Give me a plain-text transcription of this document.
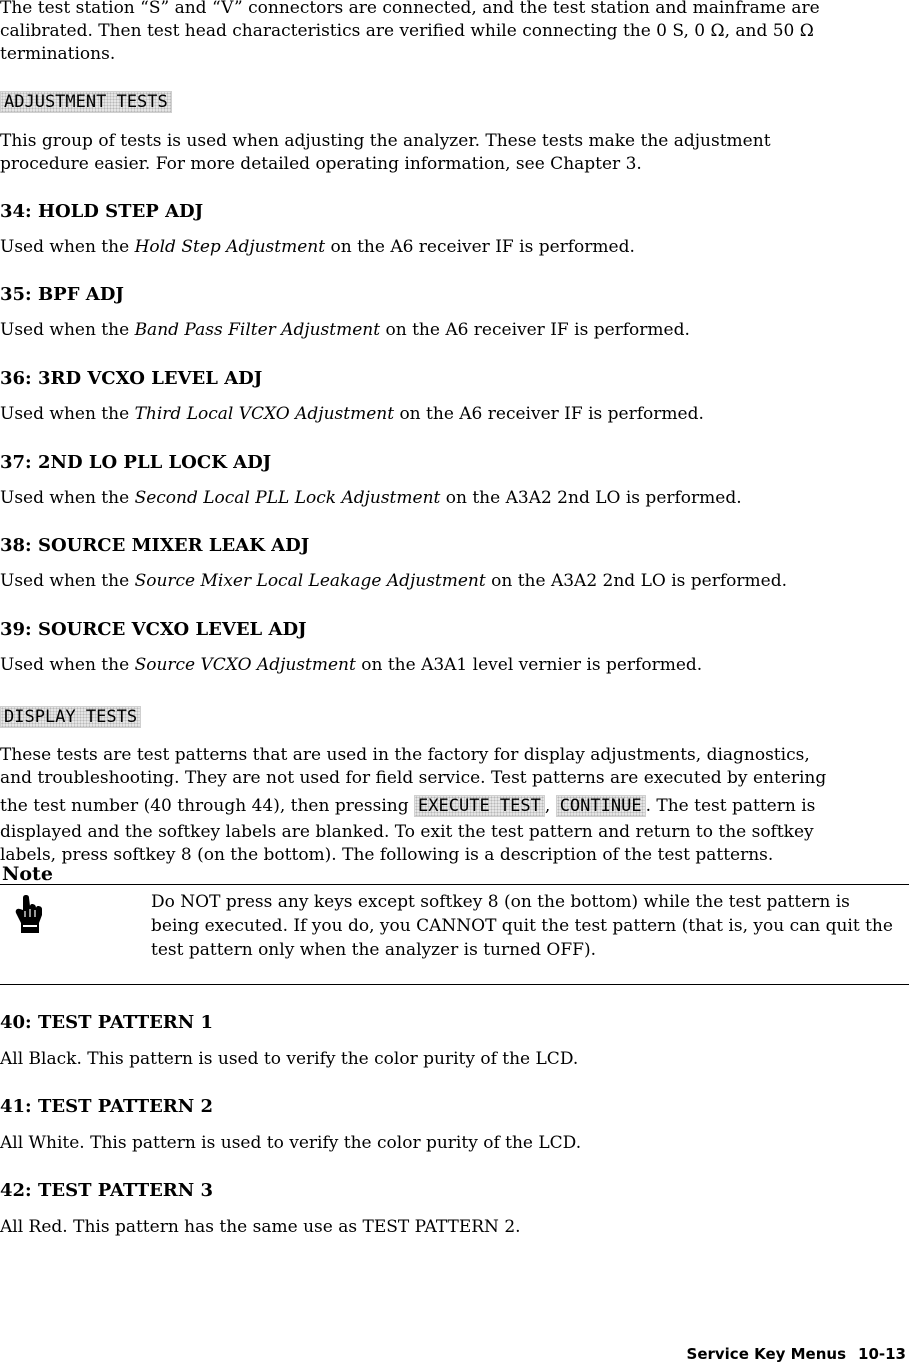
The test station “S” and “V” connectors are connected, and the test station and mainframe are

calibrated. Then test head characteristics are verified while connecting the 0 S, 0 Ω, and 50 Ω

terminations.

ADJUSTMENT TESTS

This group of tests is used when adjusting the analyzer. These tests make the adjustment

procedure easier. For more detailed operating information, see Chapter 3.

34: HOLD STEP ADJ

Used when the Hold Step Adjustment on the A6 receiver IF is performed.

35: BPF ADJ

Used when the Band Pass Filter Adjustment on the A6 receiver IF is performed.

36: 3RD VCXO LEVEL ADJ

Used when the Third Local VCXO Adjustment on the A6 receiver IF is performed.

37: 2ND LO PLL LOCK ADJ

Used when the Second Local PLL Lock Adjustment on the A3A2 2nd LO is performed.

38: SOURCE MIXER LEAK ADJ

Used when the Source Mixer Local Leakage Adjustment on the A3A2 2nd LO is performed.

39: SOURCE VCXO LEVEL ADJ

Used when the Source VCXO Adjustment on the A3A1 level vernier is performed.

DISPLAY TESTS

These tests are test patterns that are used in the factory for display adjustments, diagnostics,

and troubleshooting. They are not used for field service. Test patterns are executed by entering

the test number (40 through 44), then pressing EXECUTE TEST , CONTINUE . The test pattern is

displayed and the softkey labels are blanked. To exit the test pattern and return to the softkey

labels, press softkey 8 (on the bottom). The following is a description of the test patterns.

Note
Do NOT press any keys except softkey 8 (on the bottom) while the test pattern is being executed. If you do, you CANNOT quit the test pattern (that is, you can quit the test pattern only when the analyzer is turned OFF).
40: TEST PATTERN 1

All Black. This pattern is used to verify the color purity of the LCD.

41: TEST PATTERN 2

All White. This pattern is used to verify the color purity of the LCD.

42: TEST PATTERN 3

All Red. This pattern has the same use as TEST PATTERN 2.

Service Key Menus 10-13
